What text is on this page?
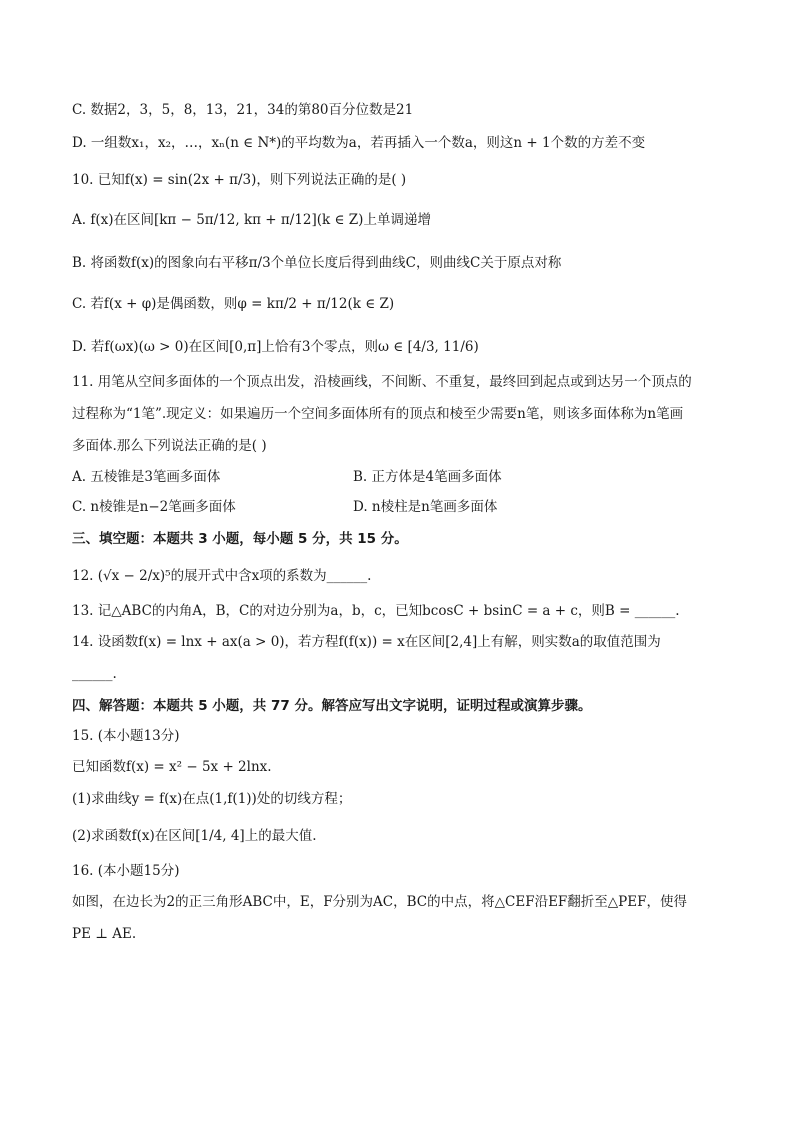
C. 数据2，3，5，8，13，21，34的第80百分位数是21
D. 一组数x₁，x₂，…，xₙ(n ∈ N*)的平均数为a，若再插入一个数a，则这n + 1个数的方差不变
10. 已知f(x) = sin(2x + π/3)，则下列说法正确的是( )
A. f(x)在区间[kπ − 5π/12, kπ + π/12](k ∈ Z)上单调递增
B. 将函数f(x)的图象向右平移π/3个单位长度后得到曲线C，则曲线C关于原点对称
C. 若f(x + φ)是偶函数，则φ = kπ/2 + π/12(k ∈ Z)
D. 若f(ωx)(ω > 0)在区间[0,π]上恰有3个零点，则ω ∈ [4/3, 11/6)
11. 用笔从空间多面体的一个顶点出发，沿棱画线，不间断、不重复，最终回到起点或到达另一个顶点的
过程称为“1笔”.现定义：如果遍历一个空间多面体所有的顶点和棱至少需要n笔，则该多面体称为n笔画
多面体.那么下列说法正确的是( )
A. 五棱锥是3笔画多面体	B. 正方体是4笔画多面体
C. n棱锥是n−2笔画多面体	D. n棱柱是n笔画多面体
三、填空题：本题共 3 小题，每小题 5 分，共 15 分。
12. (√x − 2/x)⁵的展开式中含x项的系数为______.
13. 记△ABC的内角A，B，C的对边分别为a，b，c，已知bcosC + bsinC = a + c，则B = ______.
14. 设函数f(x) = lnx + ax(a > 0)，若方程f(f(x)) = x在区间[2,4]上有解，则实数a的取值范围为
______.
四、解答题：本题共 5 小题，共 77 分。解答应写出文字说明，证明过程或演算步骤。
15. (本小题13分)
已知函数f(x) = x² − 5x + 2lnx.
(1)求曲线y = f(x)在点(1,f(1))处的切线方程；
(2)求函数f(x)在区间[1/4, 4]上的最大值.
16. (本小题15分)
如图，在边长为2的正三角形ABC中，E，F分别为AC，BC的中点，将△CEF沿EF翻折至△PEF，使得
PE ⊥ AE.
